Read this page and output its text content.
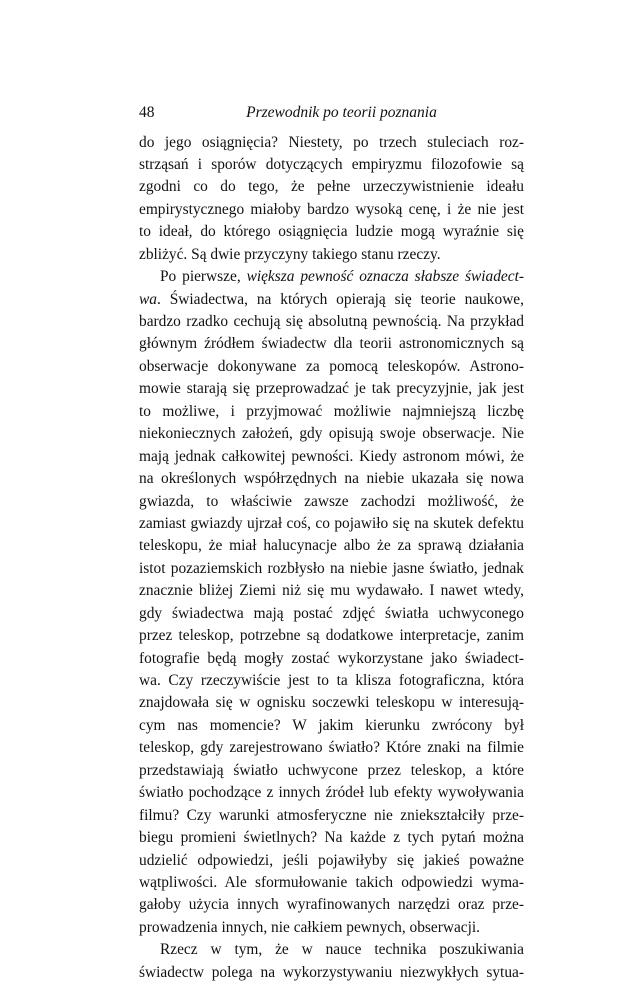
48	Przewodnik po teorii poznania
do jego osiągnięcia? Niestety, po trzech stuleciach roz-
strząsań i sporów dotyczących empiryzmu filozofowie są
zgodni co do tego, że pełne urzeczywistnienie ideału
empirystycznego miałoby bardzo wysoką cenę, i że nie jest
to ideał, do którego osiągnięcia ludzie mogą wyraźnie się
zbliżyć. Są dwie przyczyny takiego stanu rzeczy.
Po pierwsze, większa pewność oznacza słabsze świadect-
wa. Świadectwa, na których opierają się teorie naukowe,
bardzo rzadko cechują się absolutną pewnością. Na przykład
głównym źródłem świadectw dla teorii astronomicznych są
obserwacje dokonywane za pomocą teleskopów. Astrono-
mowie starają się przeprowadzać je tak precyzyjnie, jak jest
to możliwe, i przyjmować możliwie najmniejszą liczbę
niekoniecznych założeń, gdy opisują swoje obserwacje. Nie
mają jednak całkowitej pewności. Kiedy astronom mówi, że
na określonych współrzędnych na niebie ukazała się nowa
gwiazda, to właściwie zawsze zachodzi możliwość, że
zamiast gwiazdy ujrzał coś, co pojawiło się na skutek defektu
teleskopu, że miał halucynacje albo że za sprawą działania
istot pozaziemskich rozbłysło na niebie jasne światło, jednak
znacznie bliżej Ziemi niż się mu wydawało. I nawet wtedy,
gdy świadectwa mają postać zdjęć światła uchwyconego
przez teleskop, potrzebne są dodatkowe interpretacje, zanim
fotografie będą mogły zostać wykorzystane jako świadect-
wa. Czy rzeczywiście jest to ta klisza fotograficzna, która
znajdowała się w ognisku soczewki teleskopu w interesują-
cym nas momencie? W jakim kierunku zwrócony był
teleskop, gdy zarejestrowano światło? Które znaki na filmie
przedstawiają światło uchwycone przez teleskop, a które
światło pochodzące z innych źródeł lub efekty wywoływania
filmu? Czy warunki atmosferyczne nie zniekształciły prze-
biegu promieni świetlnych? Na każde z tych pytań można
udzielić odpowiedzi, jeśli pojawiłyby się jakieś poważne
wątpliwości. Ale sformułowanie takich odpowiedzi wyma-
gałoby użycia innych wyrafinowanych narzędzi oraz prze-
prowadzenia innych, nie całkiem pewnych, obserwacji.
Rzecz w tym, że w nauce technika poszukiwania
świadectw polega na wykorzystywaniu niezwykłych sytua-
